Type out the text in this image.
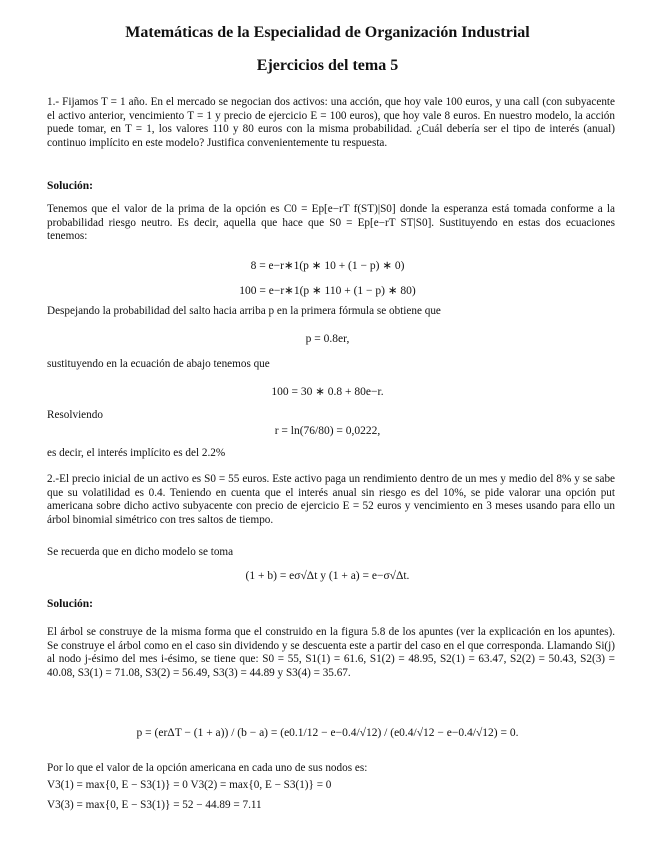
Matemáticas de la Especialidad de Organización Industrial
Ejercicios del tema 5
1.- Fijamos T = 1 año. En el mercado se negocian dos activos: una acción, que hoy vale 100 euros, y una call (con subyacente el activo anterior, vencimiento T = 1 y precio de ejercicio E = 100 euros), que hoy vale 8 euros. En nuestro modelo, la acción puede tomar, en T = 1, los valores 110 y 80 euros con la misma probabilidad. ¿Cuál debería ser el tipo de interés (anual) continuo implícito en este modelo? Justifica convenientemente tu respuesta.
Solución:
Tenemos que el valor de la prima de la opción es C0 = Ep[e−rT f(ST)|S0] donde la esperanza está tomada conforme a la probabilidad riesgo neutro. Es decir, aquella que hace que S0 = Ep[e−rT ST|S0]. Sustituyendo en estas dos ecuaciones tenemos:
8 = e−r∗1(p ∗ 10 + (1 − p) ∗ 0)
100 = e−r∗1(p ∗ 110 + (1 − p) ∗ 80)
Despejando la probabilidad del salto hacia arriba p en la primera fórmula se obtiene que
p = 0.8er,
sustituyendo en la ecuación de abajo tenemos que
100 = 30 ∗ 0.8 + 80e−r.
Resolviendo
r = ln(76/80) = 0,0222,
es decir, el interés implícito es del 2.2%
2.-El precio inicial de un activo es S0 = 55 euros. Este activo paga un rendimiento dentro de un mes y medio del 8% y se sabe que su volatilidad es 0.4. Teniendo en cuenta que el interés anual sin riesgo es del 10%, se pide valorar una opción put americana sobre dicho activo subyacente con precio de ejercicio E = 52 euros y vencimiento en 3 meses usando para ello un árbol binomial simétrico con tres saltos de tiempo.
Se recuerda que en dicho modelo se toma
(1 + b) = eσ√Δt y (1 + a) = e−σ√Δt.
Solución:
El árbol se construye de la misma forma que el construido en la figura 5.8 de los apuntes (ver la explicación en los apuntes). Se construye el árbol como en el caso sin dividendo y se descuenta este a partir del caso en el que corresponda. Llamando Si(j) al nodo j-ésimo del mes i-ésimo, se tiene que: S0 = 55, S1(1) = 61.6, S1(2) = 48.95, S2(1) = 63.47, S2(2) = 50.43, S2(3) = 40.08, S3(1) = 71.08, S3(2) = 56.49, S3(3) = 44.89 y S3(4) = 35.67.
p = (erΔT − (1 + a)) / (b − a) = (e0.1/12 − e−0.4/√12) / (e0.4/√12 − e−0.4/√12) = 0.
Por lo que el valor de la opción americana en cada uno de sus nodos es:
V3(1) = max{0, E − S3(1)} = 0 V3(2) = max{0, E − S3(1)} = 0
V3(3) = max{0, E − S3(1)} = 52 − 44.89 = 7.11
